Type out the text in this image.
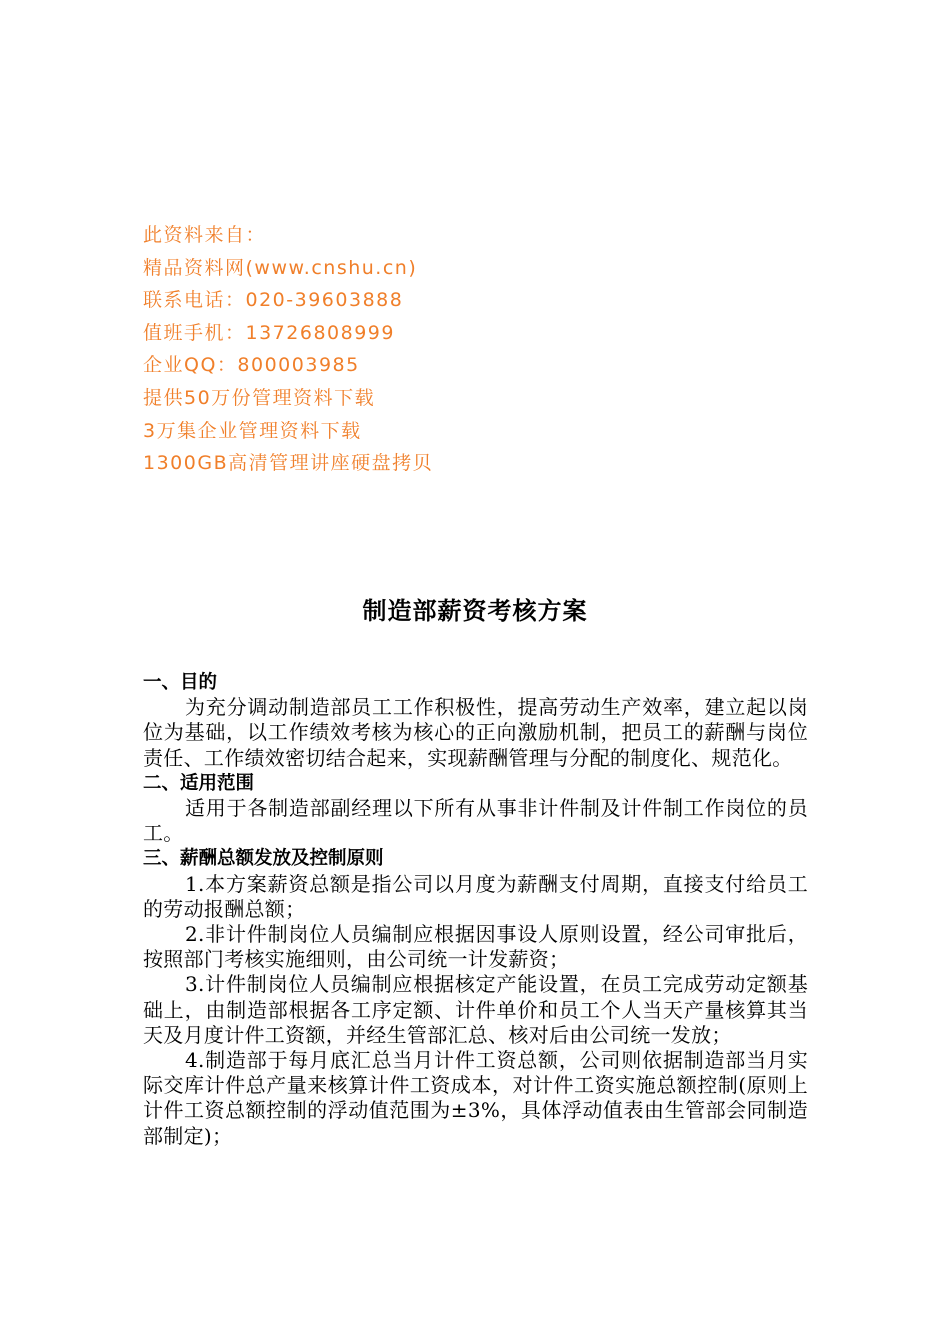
此资料来自：
精品资料网(www.cnshu.cn)
联系电话：020-39603888
值班手机：13726808999
企业QQ：800003985
提供50万份管理资料下载
3万集企业管理资料下载
1300GB高清管理讲座硬盘拷贝
制造部薪资考核方案
一、目的

为充分调动制造部员工工作积极性，提高劳动生产效率，建立起以岗位为基础，以工作绩效考核为核心的正向激励机制，把员工的薪酬与岗位责任、工作绩效密切结合起来，实现薪酬管理与分配的制度化、规范化。

二、适用范围

适用于各制造部副经理以下所有从事非计件制及计件制工作岗位的员工。

三、薪酬总额发放及控制原则

1.本方案薪资总额是指公司以月度为薪酬支付周期，直接支付给员工的劳动报酬总额；

2.非计件制岗位人员编制应根据因事设人原则设置，经公司审批后，按照部门考核实施细则，由公司统一计发薪资；

3.计件制岗位人员编制应根据核定产能设置，在员工完成劳动定额基础上，由制造部根据各工序定额、计件单价和员工个人当天产量核算其当天及月度计件工资额，并经生管部汇总、核对后由公司统一发放；

4.制造部于每月底汇总当月计件工资总额，公司则依据制造部当月实际交库计件总产量来核算计件工资成本，对计件工资实施总额控制(原则上计件工资总额控制的浮动值范围为±3%，具体浮动值表由生管部会同制造部制定)；
